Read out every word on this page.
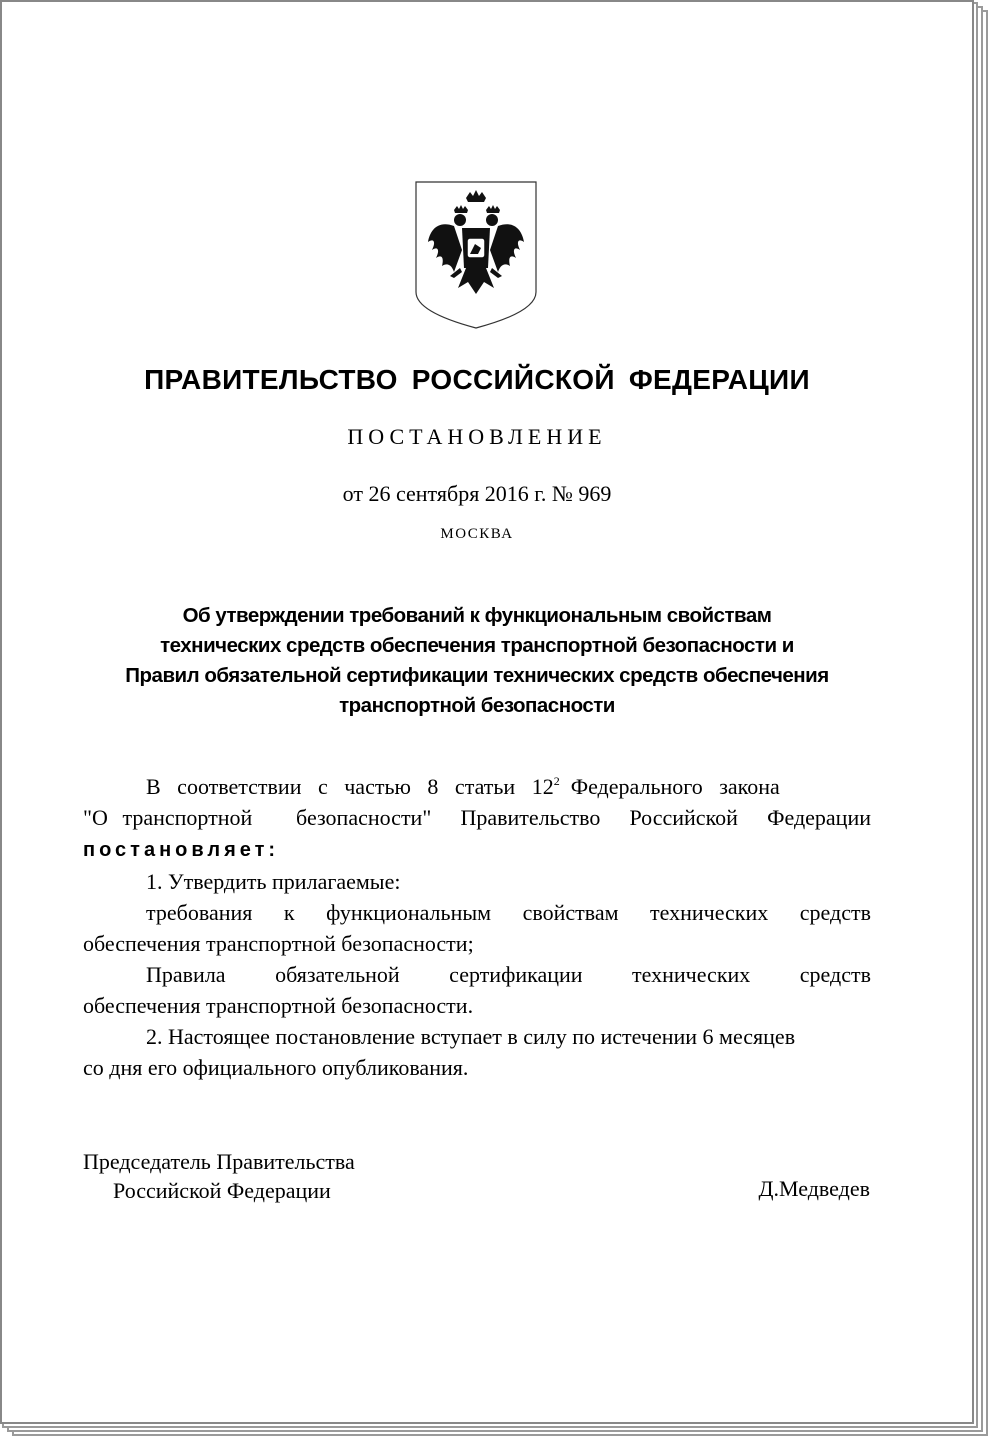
ПРАВИТЕЛЬСТВО РОССИЙСКОЙ ФЕДЕРАЦИИ
ПОСТАНОВЛЕНИЕ
от 26 сентября 2016 г. № 969
МОСКВА
Об утверждении требований к функциональным свойствам
технических средств обеспечения транспортной безопасности и
Правил обязательной сертификации технических средств обеспечения
транспортной безопасности

В   соответствии   с   частью   8   статьи   $12^2$  Федерального   закона

"О транспортной   безопасности"  Правительство  Российской  Федерации

постановляет:

1. Утвердить прилагаемые:

требования   к   функциональным   свойствам   технических   средств

обеспечения транспортной безопасности;

Правила     обязательной     сертификации     технических     средств

обеспечения транспортной безопасности.

2. Настоящее постановление вступает в силу по истечении 6 месяцев

со дня его официального опубликования.

Председатель Правительства
Российской Федерации	Д.Медведев
